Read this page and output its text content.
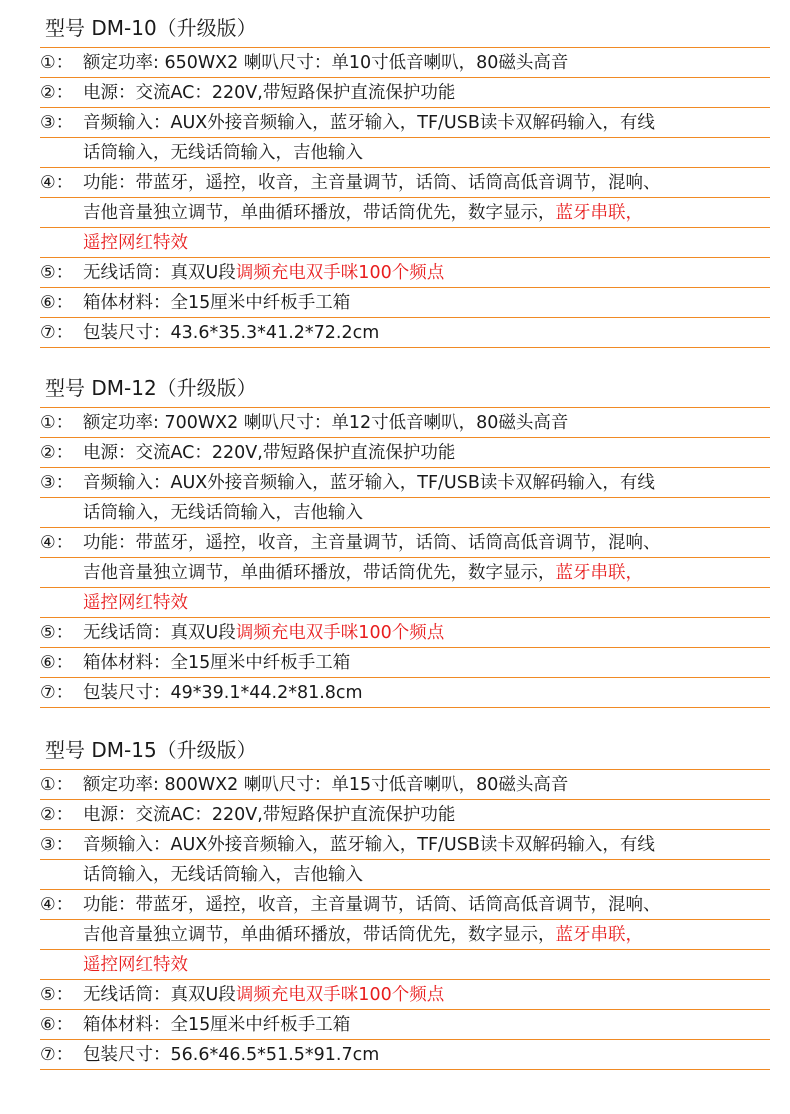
型号 DM-10（升级版）
①： 额定功率: 650WX2 喇叭尺寸：单10寸低音喇叭，80磁头高音
②： 电源：交流AC：220V,带短路保护直流保护功能
③： 音频输入：AUX外接音频输入，蓝牙输入，TF/USB读卡双解码输入，有线
话筒输入，无线话筒输入，吉他输入
④： 功能：带蓝牙，遥控，收音，主音量调节，话筒、话筒高低音调节，混响、
吉他音量独立调节，单曲循环播放，带话筒优先，数字显示，蓝牙串联，
遥控网红特效
⑤： 无线话筒：真双U段调频充电双手咪100个频点
⑥： 箱体材料：全15厘米中纤板手工箱
⑦： 包装尺寸：43.6*35.3*41.2*72.2cm
型号 DM-12（升级版）
①： 额定功率: 700WX2 喇叭尺寸：单12寸低音喇叭，80磁头高音
②： 电源：交流AC：220V,带短路保护直流保护功能
③： 音频输入：AUX外接音频输入，蓝牙输入，TF/USB读卡双解码输入，有线
话筒输入，无线话筒输入，吉他输入
④： 功能：带蓝牙，遥控，收音，主音量调节，话筒、话筒高低音调节，混响、
吉他音量独立调节，单曲循环播放，带话筒优先，数字显示，蓝牙串联，
遥控网红特效
⑤： 无线话筒：真双U段调频充电双手咪100个频点
⑥： 箱体材料：全15厘米中纤板手工箱
⑦： 包装尺寸：49*39.1*44.2*81.8cm
型号 DM-15（升级版）
①： 额定功率: 800WX2 喇叭尺寸：单15寸低音喇叭，80磁头高音
②： 电源：交流AC：220V,带短路保护直流保护功能
③： 音频输入：AUX外接音频输入，蓝牙输入，TF/USB读卡双解码输入，有线
话筒输入，无线话筒输入，吉他输入
④： 功能：带蓝牙，遥控，收音，主音量调节，话筒、话筒高低音调节，混响、
吉他音量独立调节，单曲循环播放，带话筒优先，数字显示，蓝牙串联，
遥控网红特效
⑤： 无线话筒：真双U段调频充电双手咪100个频点
⑥： 箱体材料：全15厘米中纤板手工箱
⑦： 包装尺寸：56.6*46.5*51.5*91.7cm
